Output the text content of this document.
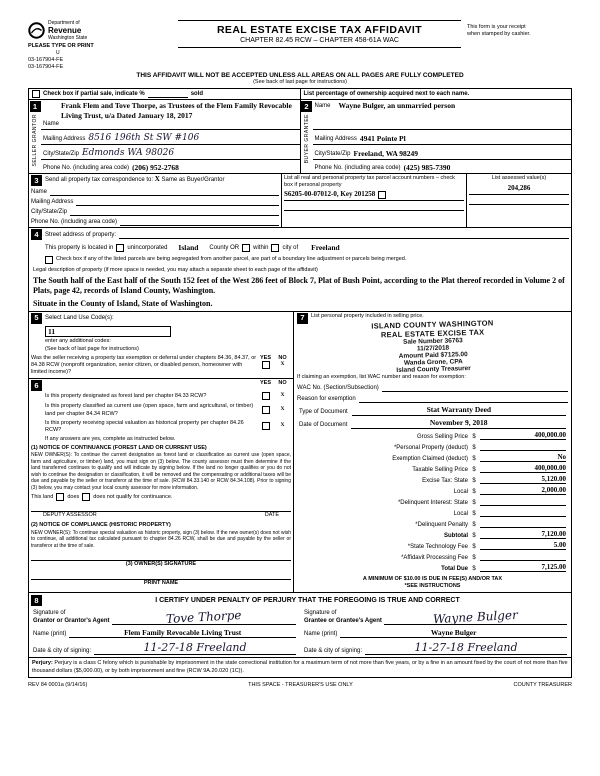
Department of
Revenue
Washington State
PLEASE TYPE OR PRINT
U
03-167904-FE
03-167904-FE
REAL ESTATE EXCISE TAX AFFIDAVIT
CHAPTER 82.45 RCW – CHAPTER 458-61A WAC
This form is your receipt
when stamped by cashier.
THIS AFFIDAVIT WILL NOT BE ACCEPTED UNLESS ALL AREAS ON ALL PAGES ARE FULLY COMPLETED
(See back of last page for instructions)
Check box if partial sale, indicate %	sold	List percentage of ownership acquired next to each name.
1
SELLER GRANTOR
Frank Flem and Tove Thorpe, as Trustees of the Flem Family Revocable Living Trust, u/a Dated January 18, 2017
Name
Mailing Address 8516 196th St SW #106
City/State/Zip Edmonds WA 98026
Phone No. (including area code) (206) 952-2768
2
BUYER GRANTEE
Wayne Bulger, an unmarried person
Name
Mailing Address 4941 Pointe Pl
City/State/Zip Freeland, WA 98249
Phone No. (including area code) (425) 985-7390
3	Send all property tax correspondence to: X Same as Buyer/Grantor
Name
Mailing Address
City/State/Zip
Phone No. (including area code)
List all real and personal property tax parcel account numbers – check box if personal property
S6205-00-07012-0, Key 201258
List assessed value(s)
204,286
4	Street address of property:
This property is located in unincorporated Island County OR within city of Freeland
Check box if any of the listed parcels are being segregated from another parcel, are part of a boundary line adjustment or parcels being merged.
Legal description of property (if more space is needed, you may attach a separate sheet to each page of the affidavit)
The South half of the East half of the South 152 feet of the West 286 feet of Block 7, Plat of Bush Point, according to the Plat thereof recorded in Volume 2 of Plats, page 42, records of Island County, Washington.
Situate in the County of Island, State of Washington.
5	Select Land Use Code(s):
11
enter any additional codes:
(See back of last page for instructions)
Was the seller receiving a property tax exemption or deferral under chapters 84.36, 84.37, or 84.38 RCW (nonprofit organization, senior citizen, or disabled person, homeowner with limited income)?
YES	NO
X
6	YES	NO
Is this property designated as forest land per chapter 84.33 RCW?	X
Is this property classified as current use (open space, farm and agricultural, or timber) land per chapter 84.34 RCW?
X
Is this property receiving special valuation as historical property per chapter 84.26 RCW?
X
If any answers are yes, complete as instructed below.
(1) NOTICE OF CONTINUANCE (FOREST LAND OR CURRENT USE)
NEW OWNER(S): To continue the current designation as forest land or classification as current use (open space, farm and agriculture, or timber) land, you must sign on (3) below. The county assessor must then determine if the land transferred continues to qualify and will indicate by signing below. If the land no longer qualifies or you do not wish to continue the designation or classification, it will be removed and the compensating or additional taxes will be due and payable by the seller or transferor at the time of sale. (RCW 84.33.140 or RCW 84.34.108). Prior to signing (3) below, you may contact your local county assessor for more information.
This land	does	does not qualify for continuance.
DEPUTY ASSESSOR	DATE
(2) NOTICE OF COMPLIANCE (HISTORIC PROPERTY)
NEW OWNER(S): To continue special valuation as historic property, sign (3) below. If the new owner(s) does not wish to continue, all additional tax calculated pursuant to chapter 84.26 RCW, shall be due and payable by the seller or transferor at the time of sale.
(3) OWNER(S) SIGNATURE
PRINT NAME
7	List personal property included in selling price.
ISLAND COUNTY WASHINGTON
REAL ESTATE EXCISE TAX
Sale Number 36763
11/27/2018
Amount Paid $7125.00
Wanda Grone, CPA
Island County Treasurer
If claiming an exemption, list WAC number and reason for exemption:
WAC No. (Section/Subsection)
Reason for exemption
Type of Document	Stat Warranty Deed
Date of Document	November 9, 2018
Gross Selling Price $	400,000.00
*Personal Property (deduct) $
Exemption Claimed (deduct) $	No
Taxable Selling Price $	400,000.00
Excise Tax: State $	5,120.00
Local $	2,000.00
*Delinquent Interest: State $
Local $
*Delinquent Penalty $
Subtotal $	7,120.00
*State Technology Fee $	5.00
*Affidavit Processing Fee $
Total Due $	7,125.00
A MINIMUM OF $10.00 IS DUE IN FEE(S) AND/OR TAX
*SEE INSTRUCTIONS
8	I CERTIFY UNDER PENALTY OF PERJURY THAT THE FOREGOING IS TRUE AND CORRECT
Signature of
Grantor or Grantor's Agent	Tove Thorpe
Name (print)	Flem Family Revocable Living Trust
Date & city of signing:	11-27-18 Freeland
Signature of
Grantee or Grantee's Agent	Wayne Bulger
Name (print)	Wayne Bulger
Date & city of signing:	11-27-18 Freeland
Perjury: Perjury is a class C felony which is punishable by imprisonment in the state correctional institution for a maximum term of not more than five years, or by a fine in an amount fixed by the court of not more than five thousand dollars ($5,000.00), or by both imprisonment and fine (RCW 9A.20.020 (1C)).
REV 84 0001a (9/14/16)	THIS SPACE - TREASURER'S USE ONLY	COUNTY TREASURER
